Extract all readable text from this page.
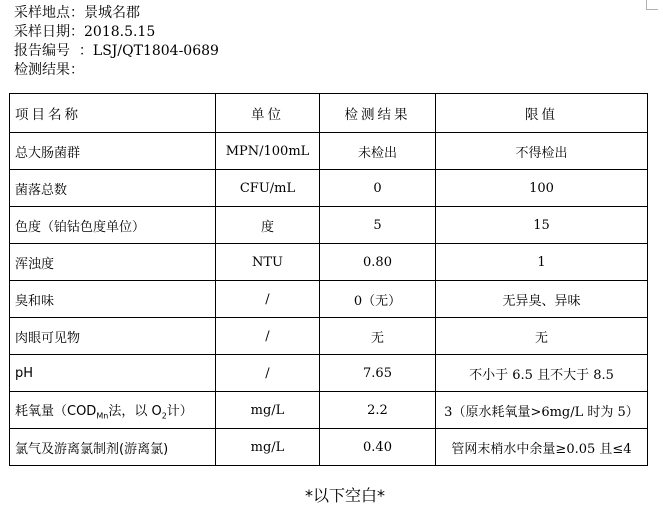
采样地点：景城名郡
采样日期：2018.5.15
报告编号 ：LSJ/QT1804-0689
检测结果：
项目名称	单位	检测结果	限值
总大肠菌群	MPN/100mL	未检出	不得检出
菌落总数	CFU/mL	0	100
色度（铂钴色度单位）	度	5	15
浑浊度	NTU	0.80	1
臭和味	/	0（无）	无异臭、异味
肉眼可见物	/	无	无
pH	/	7.65	不小于 6.5 且不大于 8.5
耗氧量（$COD_{Mn}$法，以 $O_2$计）	mg/L	2.2	3（原水耗氧量>6mg/L 时为 5）
氯气及游离氯制剂(游离氯)	mg/L	0.40	管网末梢水中余量≥0.05 且≤4
*以下空白*
